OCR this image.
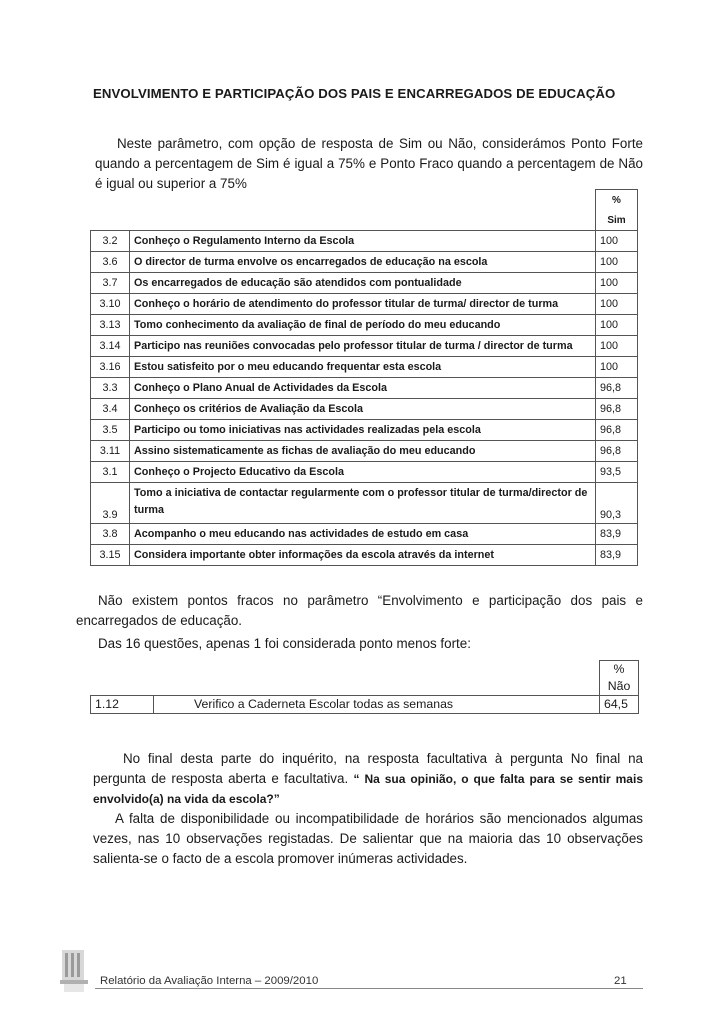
ENVOLVIMENTO E PARTICIPAÇÃO DOS PAIS E ENCARREGADOS DE EDUCAÇÃO
Neste parâmetro, com opção de resposta de Sim ou Não, considerámos Ponto Forte quando a percentagem de Sim é igual a 75% e Ponto Fraco quando a percentagem de Não é igual ou superior a 75%
		%
		Sim
3.2	Conheço o Regulamento Interno da Escola	100
3.6	O director de turma envolve os encarregados de educação na escola	100
3.7	Os encarregados de educação são atendidos com pontualidade	100
3.10	Conheço o horário de atendimento do professor titular de turma/ director de turma	100
3.13	Tomo conhecimento da avaliação de final de período do meu educando	100
3.14	Participo nas reuniões convocadas pelo professor titular de turma / director de turma	100
3.16	Estou satisfeito por o meu educando frequentar esta escola	100
3.3	Conheço o Plano Anual de Actividades da Escola	96,8
3.4	Conheço os critérios de Avaliação da Escola	96,8
3.5	Participo ou tomo iniciativas nas actividades realizadas pela escola	96,8
3.11	Assino sistematicamente as fichas de avaliação do meu educando	96,8
3.1	Conheço o Projecto Educativo da Escola	93,5
3.9	Tomo a iniciativa de contactar regularmente com o professor titular de turma/director de turma	90,3
3.8	Acompanho o meu educando nas actividades de estudo em casa	83,9
3.15	Considera importante obter informações da escola através da internet	83,9
Não existem pontos fracos no parâmetro “Envolvimento e participação dos pais e encarregados de educação.
Das 16 questões, apenas 1 foi considerada ponto menos forte:
		%
		Não
1.12	Verifico a Caderneta Escolar todas as semanas	64,5
No final desta parte do inquérito, na resposta facultativa à pergunta No final na pergunta de resposta aberta e facultativa. “ Na sua opinião, o que falta para se sentir mais envolvido(a) na vida da escola?”
A falta de disponibilidade ou incompatibilidade de horários são mencionados algumas vezes, nas 10 observações registadas. De salientar que na maioria das 10 observações salienta-se o facto de a escola promover inúmeras actividades.
Relatório da Avaliação Interna – 2009/2010	21
